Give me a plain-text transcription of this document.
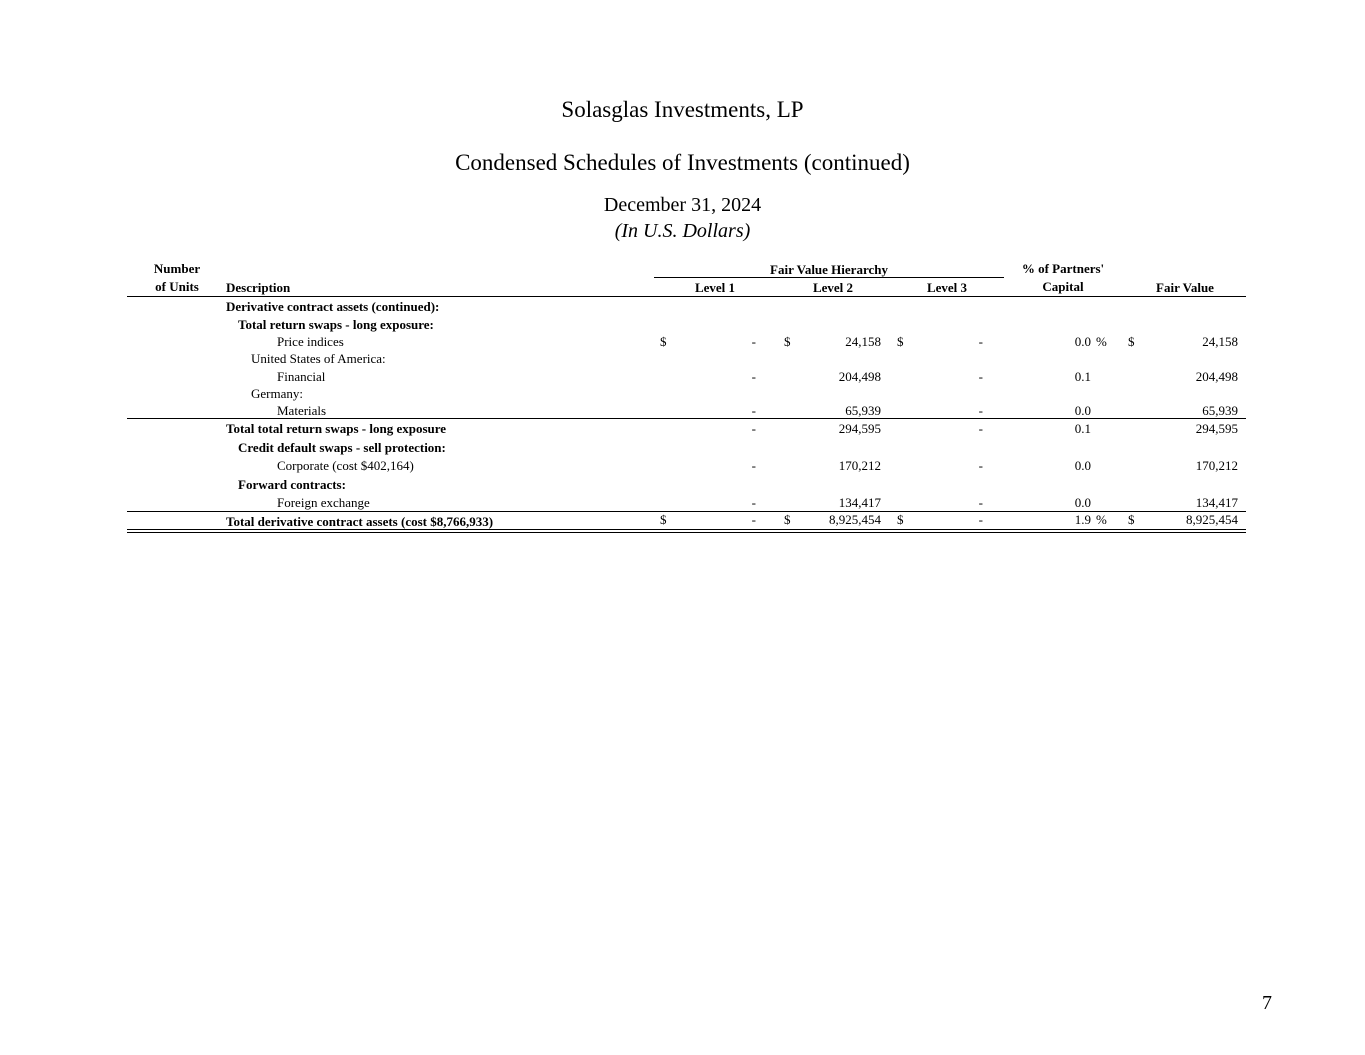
Solasglas Investments, LP
Condensed Schedules of Investments (continued)
December 31, 2024
(In U.S. Dollars)
Number
of Units	Description
Fair Value Hierarchy
Level 1	Level 2	Level 3
% of Partners'
Capital	Fair Value
Derivative contract assets (continued):
Total return swaps - long exposure:
Price indices	$	- $	24,158 $	-	0.0 % $	24,158
United States of America:
Financial	-	204,498	-	0.1	204,498
Germany:
Materials	-	65,939	-	0.0	65,939
Total total return swaps - long exposure	-	294,595	-	0.1	294,595
Credit default swaps - sell protection:
Corporate (cost $402,164)	-	170,212	-	0.0	170,212
Forward contracts:
Foreign exchange	-	134,417	-	0.0	134,417
Total derivative contract assets (cost $8,766,933)	$	- $	8,925,454 $	-	1.9 % $	8,925,454
7
